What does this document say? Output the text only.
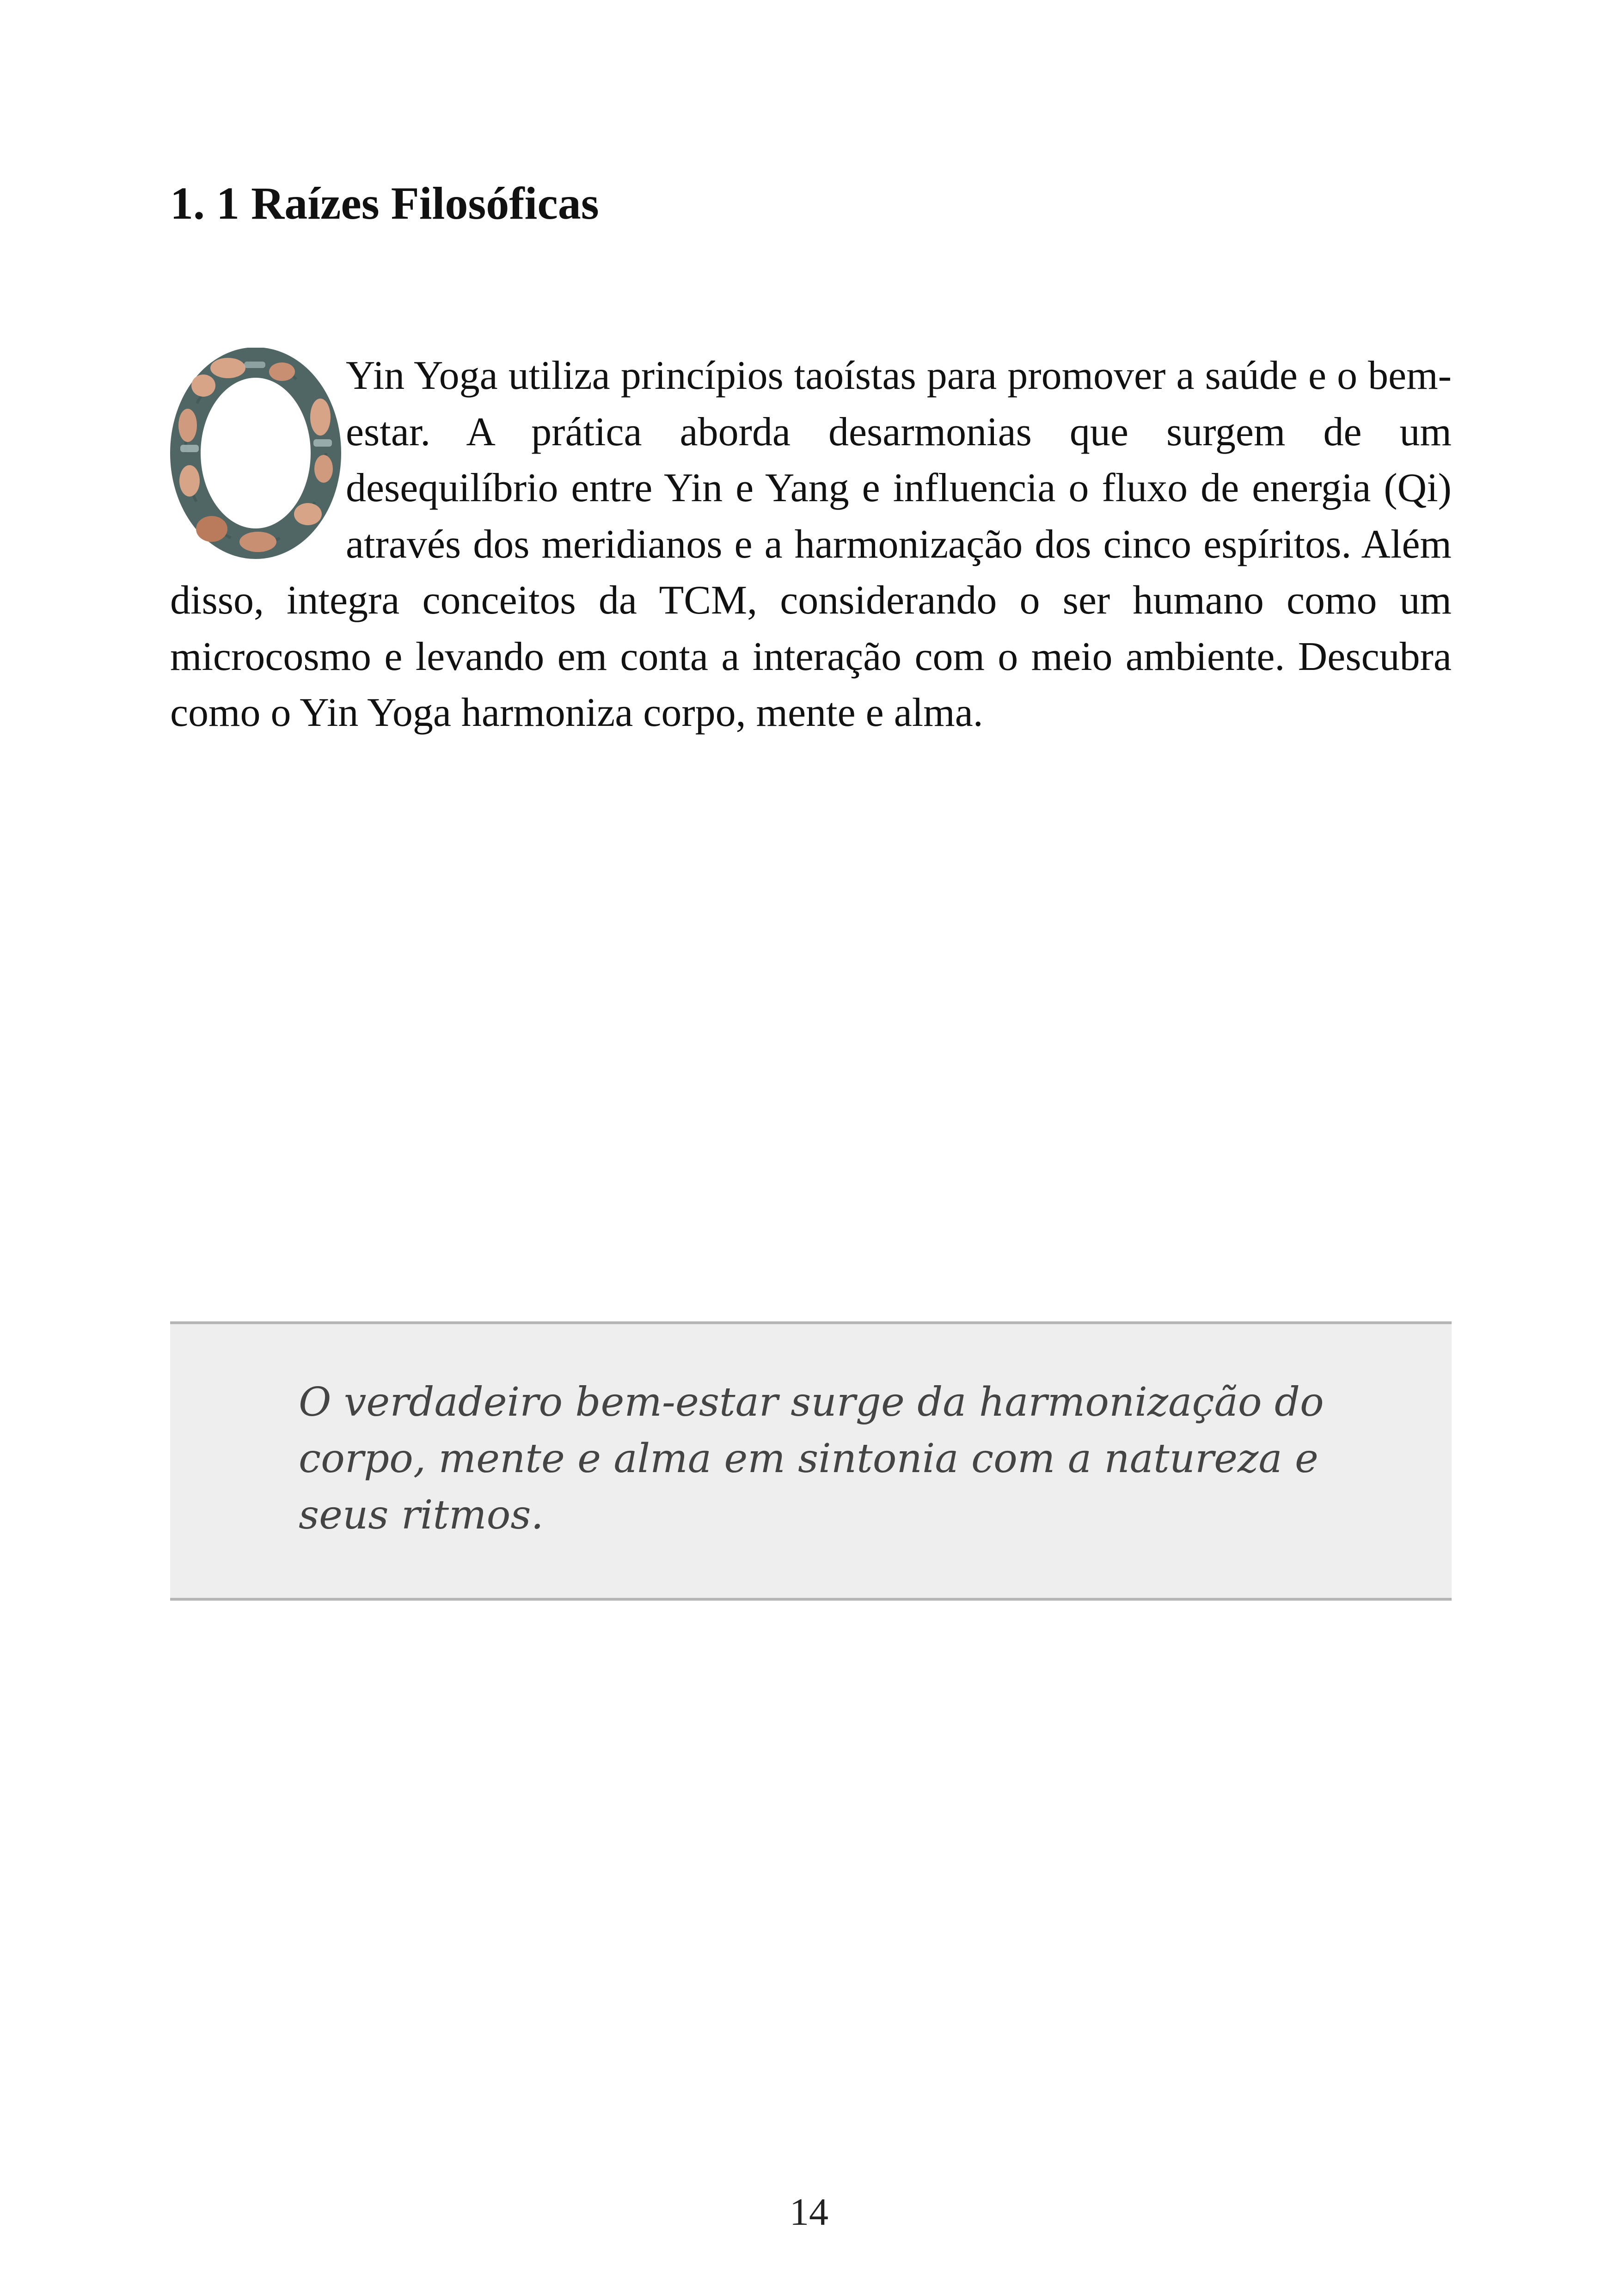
1. 1 Raízes Filosóficas

Yin Yoga utiliza princípios taoístas para promover a saúde e o bem-estar. A prática aborda desarmonias que surgem de um desequilíbrio entre Yin e Yang e influencia o fluxo de energia (Qi) através dos meridianos e a harmonização dos cinco espíritos. Além disso, integra conceitos da TCM, considerando o ser humano como um microcosmo e levando em conta a interação com o meio ambiente. Descubra como o Yin Yoga harmoniza corpo, mente e alma.

O verdadeiro bem-estar surge da harmonização do corpo, mente e alma em sintonia com a natureza e seus ritmos.

14
